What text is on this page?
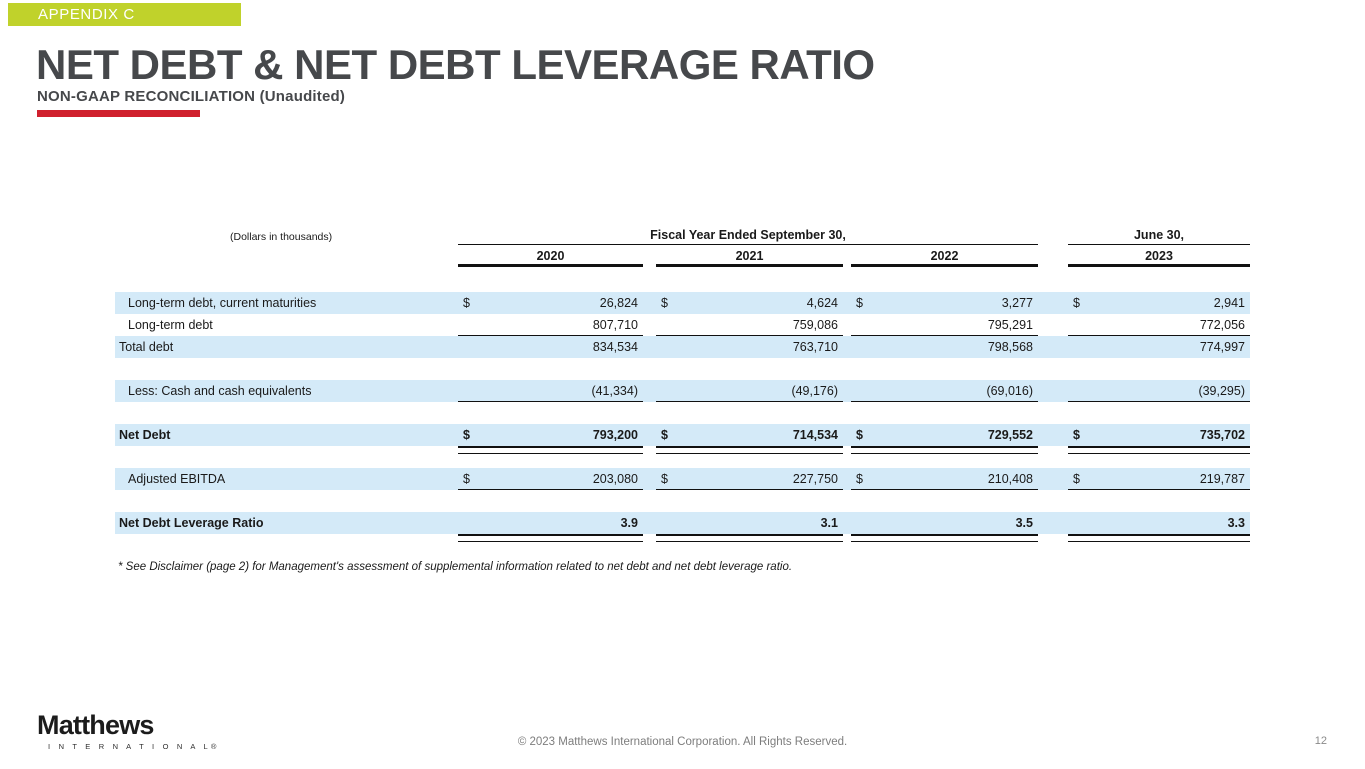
APPENDIX C
NET DEBT & NET DEBT LEVERAGE RATIO
NON-GAAP RECONCILIATION (Unaudited)
(Dollars in thousands)	Fiscal Year Ended September 30,	June 30,
2020	2021	2022	2023
Long-term debt, current maturities	$	26,824 $	4,624 $	3,277	$	2,941
Long-term debt	807,710	759,086	795,291	772,056
Total debt	834,534	763,710	798,568	774,997
Less: Cash and cash equivalents	(41,334)	(49,176)	(69,016)	(39,295)
Net Debt	$	793,200 $	714,534 $	729,552	$	735,702
Adjusted EBITDA	$	203,080 $	227,750 $	210,408	$	219,787
Net Debt Leverage Ratio	3.9	3.1	3.5	3.3
* See Disclaimer (page 2) for Management's assessment of supplemental information related to net debt and net debt leverage ratio.
Matthews
I N T E R N A T I O N A L®	© 2023 Matthews International Corporation. All Rights Reserved.	12
